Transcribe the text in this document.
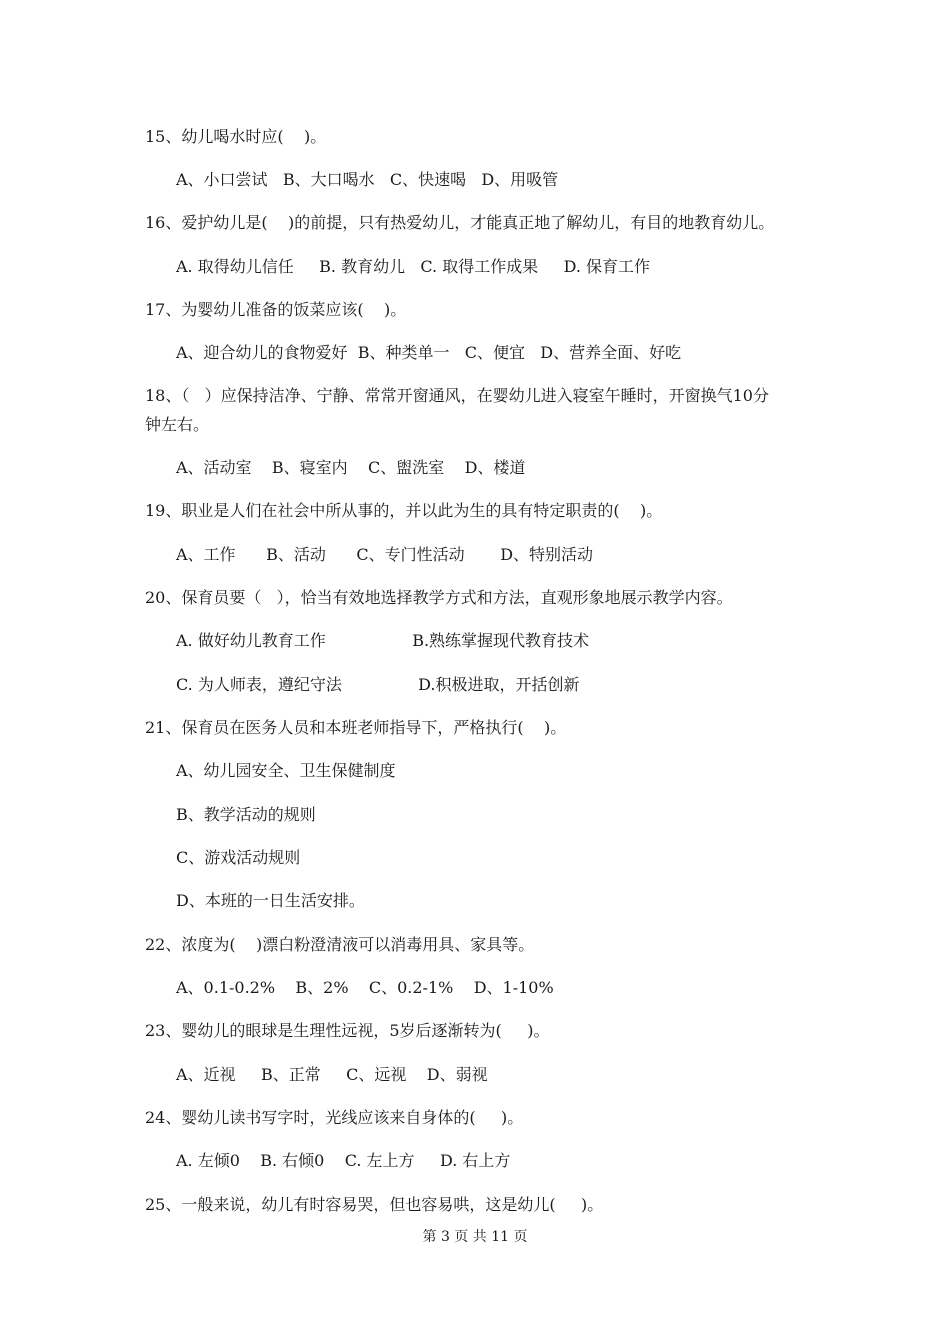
15、幼儿喝水时应(    )。
A、小口尝试   B、大口喝水   C、快速喝   D、用吸管
16、爱护幼儿是(    )的前提，只有热爱幼儿，才能真正地了解幼儿，有目的地教育幼儿。
A. 取得幼儿信任     B. 教育幼儿   C. 取得工作成果     D. 保育工作
17、为婴幼儿准备的饭菜应该(    )。
A、迎合幼儿的食物爱好  B、种类单一   C、便宜   D、营养全面、好吃
18、（   ）应保持洁净、宁静、常常开窗通风，在婴幼儿进入寝室午睡时，开窗换气10分
钟左右。
A、活动室    B、寝室内    C、盥洗室    D、楼道
19、职业是人们在社会中所从事的，并以此为生的具有特定职责的(    )。
A、工作      B、活动      C、专门性活动       D、特别活动
20、保育员要（   ），恰当有效地选择教学方式和方法，直观形象地展示教学内容。
A. 做好幼儿教育工作                 B.熟练掌握现代教育技术
C. 为人师表，遵纪守法               D.积极进取，开括创新
21、保育员在医务人员和本班老师指导下，严格执行(    )。
A、幼儿园安全、卫生保健制度
B、教学活动的规则
C、游戏活动规则
D、本班的一日生活安排。
22、浓度为(    )漂白粉澄清液可以消毒用具、家具等。
A、0.1-0.2%    B、2%    C、0.2-1%    D、1-10%
23、婴幼儿的眼球是生理性远视，5岁后逐渐转为(     )。
A、近视     B、正常     C、远视    D、弱视
24、婴幼儿读书写字时，光线应该来自身体的(     )。
A. 左倾0    B. 右倾0    C. 左上方     D. 右上方
25、一般来说，幼儿有时容易哭，但也容易哄，这是幼儿(     )。
第 3 页 共 11 页
